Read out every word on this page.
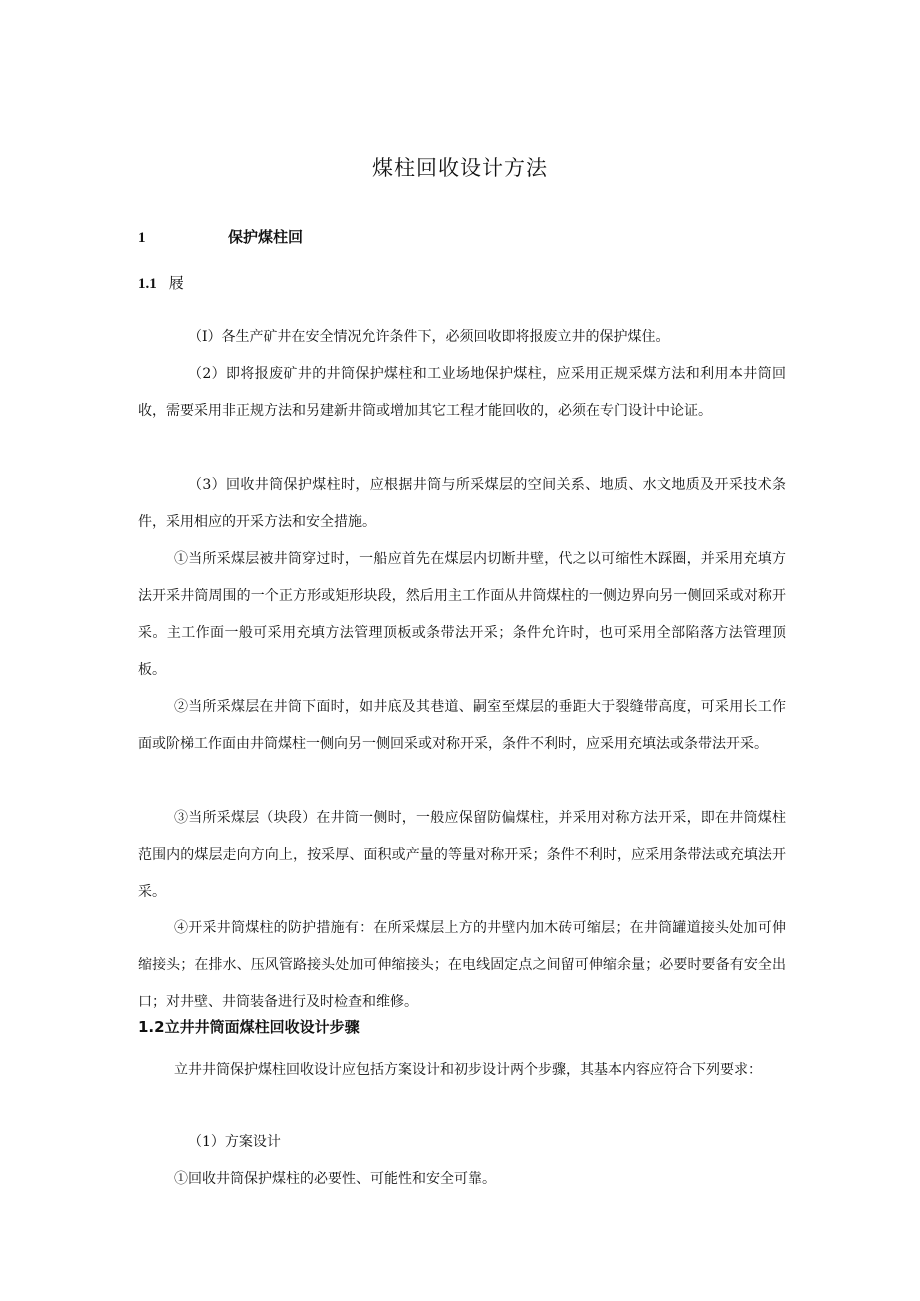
煤柱回收设计方法
1	保护煤柱回
1.1 屐

（I）各生产矿井在安全情况允许条件下，必须回收即将报废立井的保护煤住。

（2）即将报废矿井的井筒保护煤柱和工业场地保护煤柱，应采用正规采煤方法和利用本井筒回收，需要采用非正规方法和另建新井筒或增加其它工程才能回收的，必须在专门设计中论证。

（3）回收井筒保护煤柱时，应根据井筒与所采煤层的空间关系、地质、水文地质及开采技术条件，采用相应的开采方法和安全措施。

①当所采煤层被井筒穿过时，一船应首先在煤层内切断井壁，代之以可缩性木踩圈，并采用充填方法开采井筒周围的一个正方形或矩形块段，然后用主工作面从井筒煤柱的一侧边界向另一侧回采或对称开采。主工作面一般可采用充填方法管理顶板或条带法开采；条件允许时，也可采用全部陷落方法管理顶板。

②当所采煤层在井筒下面时，如井底及其巷道、嗣室至煤层的垂距大于裂缝带高度，可采用长工作面或阶梯工作面由井筒煤柱一侧向另一侧回采或对称开采，条件不利时，应采用充填法或条带法开采。

③当所采煤层（块段）在井筒一侧时，一般应保留防偏煤柱，并采用对称方法开采，即在井筒煤柱范围内的煤层走向方向上，按采厚、面积或产量的等量对称开采；条件不利时，应采用条带法或充填法开采。

④开采井筒煤柱的防护措施有：在所采煤层上方的井壁内加木砖可缩层；在井筒罐道接头处加可伸缩接头；在排水、压风管路接头处加可伸缩接头；在电线固定点之间留可伸缩余量；必要时要备有安全出口；对井壁、井筒装备进行及时检查和维修。

1.2立井井筒面煤柱回收设计步骤

立井井筒保护煤柱回收设计应包括方案设计和初步设计两个步骤，其基本内容应符合下列要求：

（1）方案设计

①回收井筒保护煤柱的必要性、可能性和安全可靠。
